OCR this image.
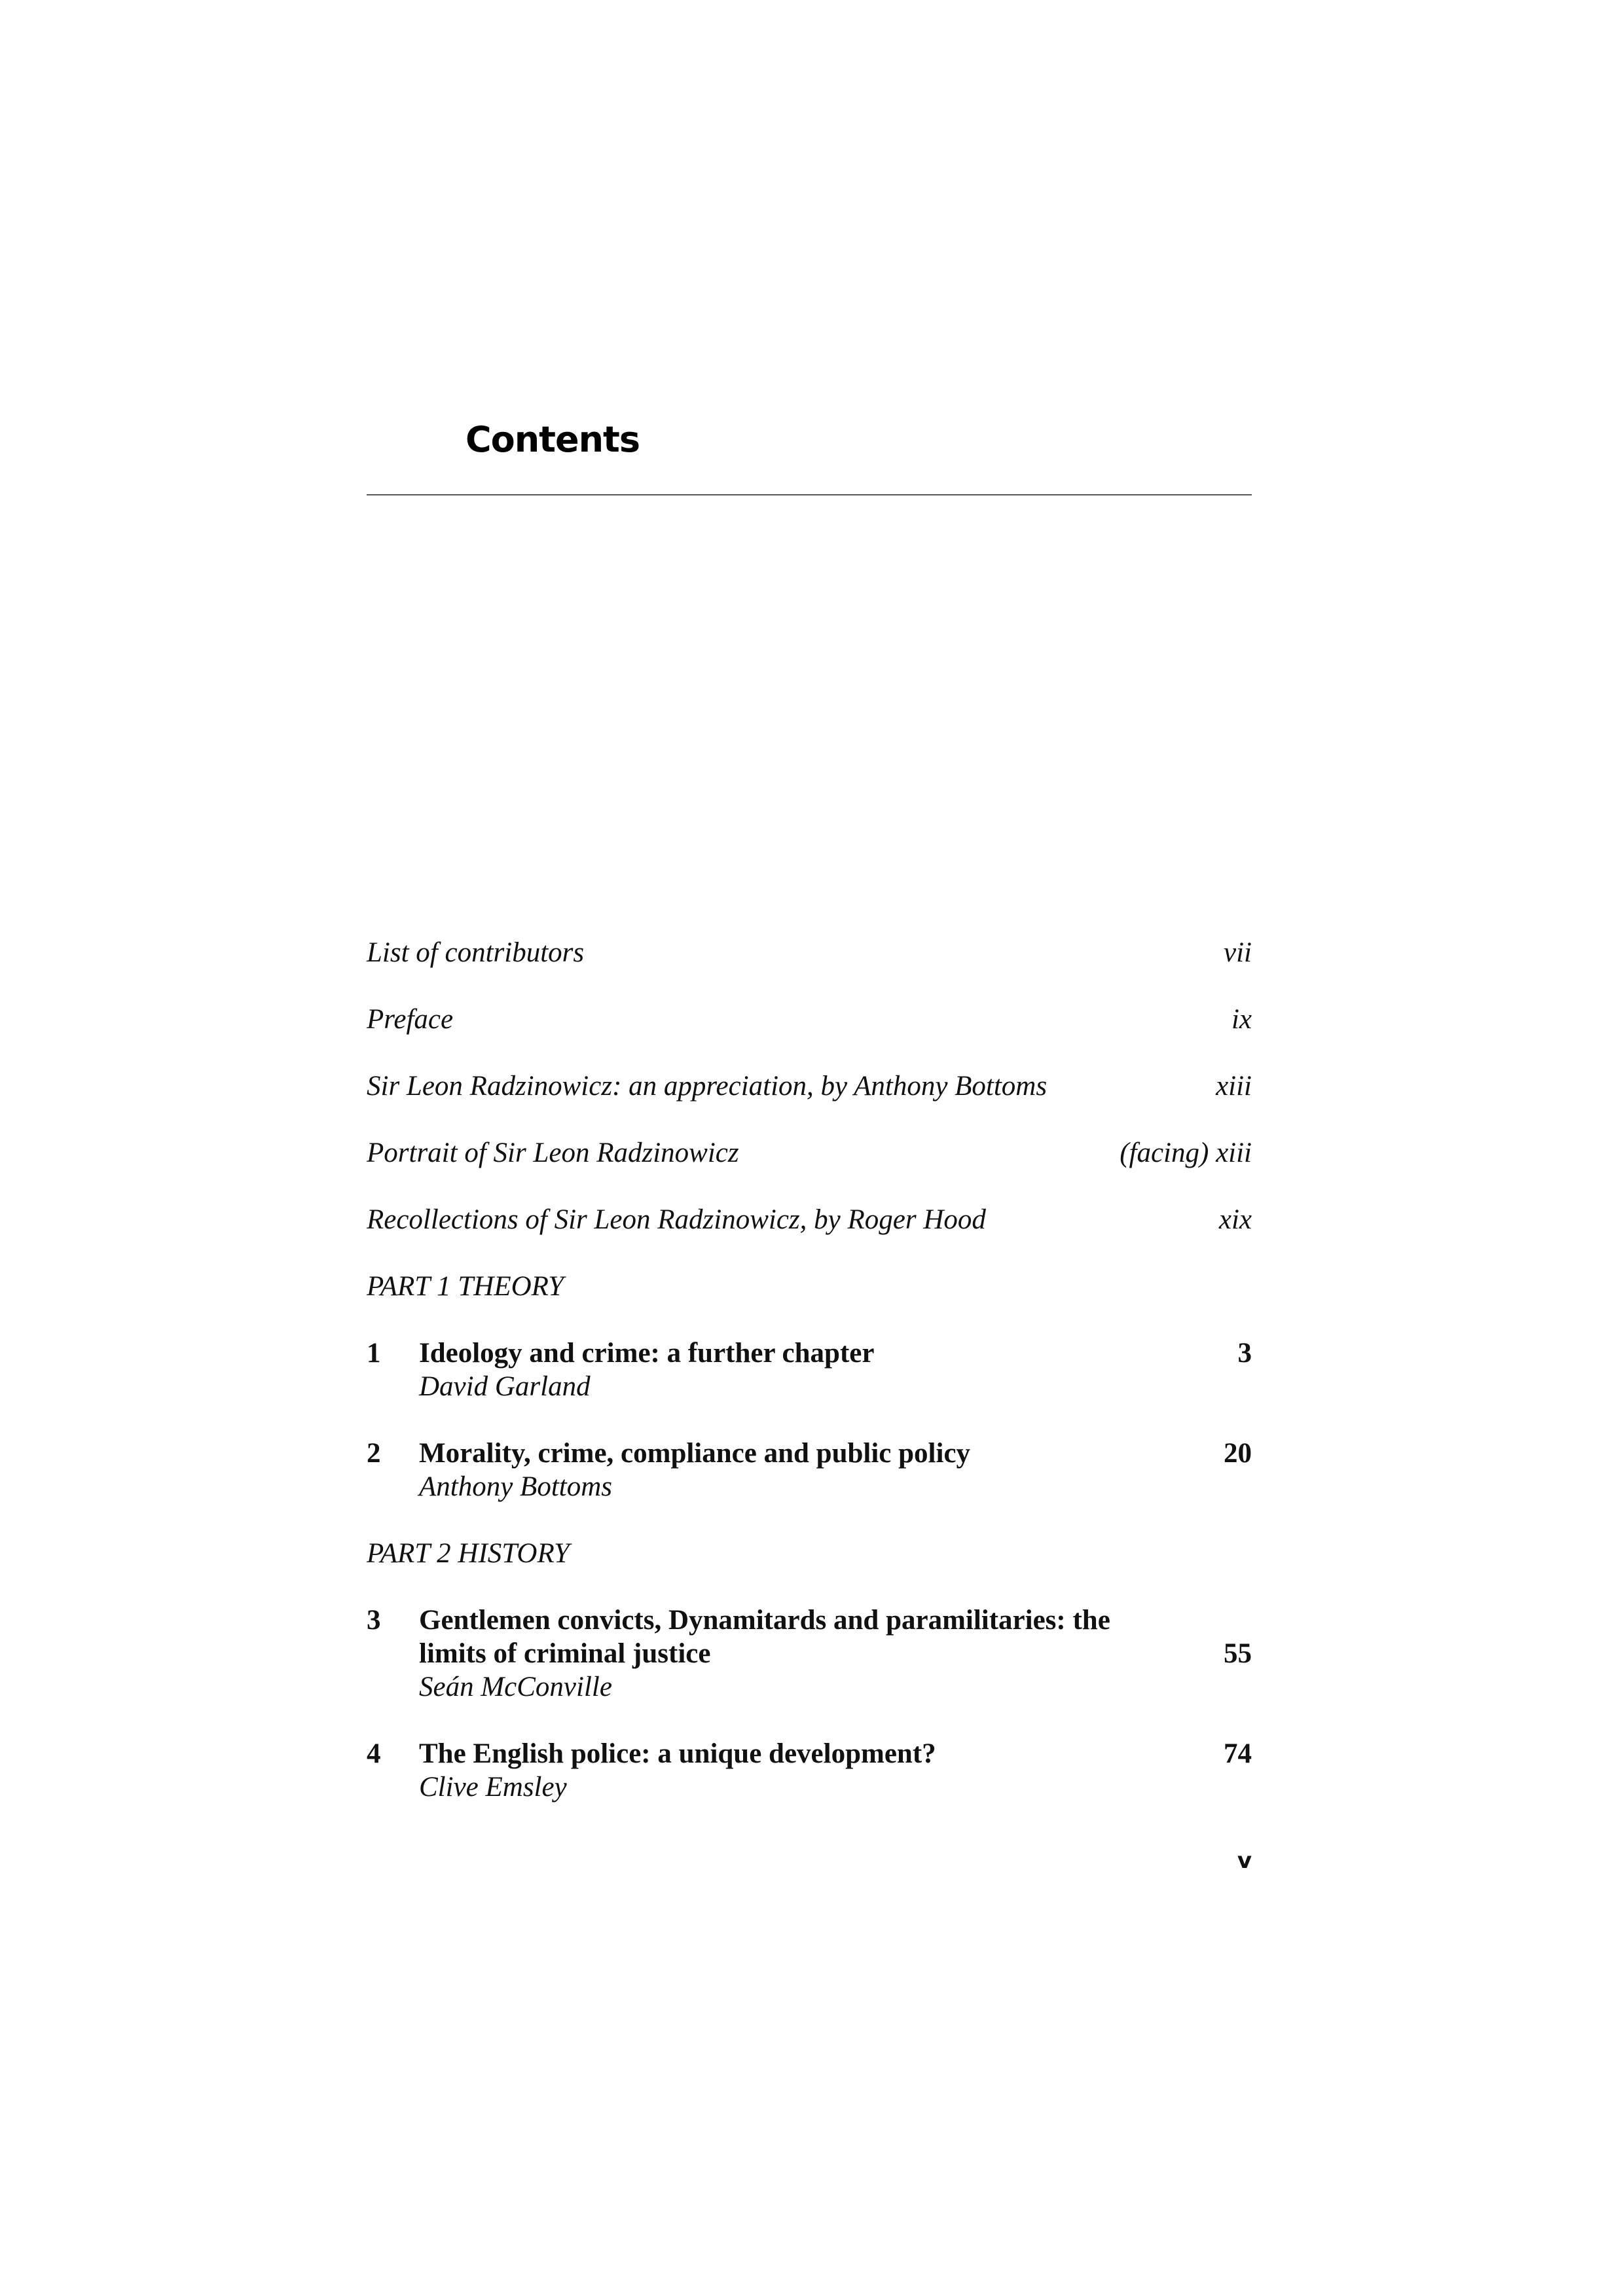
Contents
List of contributors	vii
Preface	ix
Sir Leon Radzinowicz: an appreciation, by Anthony Bottoms	xiii
Portrait of Sir Leon Radzinowicz	(facing) xiii
Recollections of Sir Leon Radzinowicz, by Roger Hood	xix
PART 1 THEORY
1	Ideology and crime: a further chapter	3
David Garland
2	Morality, crime, compliance and public policy	20
Anthony Bottoms
PART 2 HISTORY
3	Gentlemen convicts, Dynamitards and paramilitaries: the limits of criminal justice	55
Seán McConville
4	The English police: a unique development?	74
Clive Emsley
v
